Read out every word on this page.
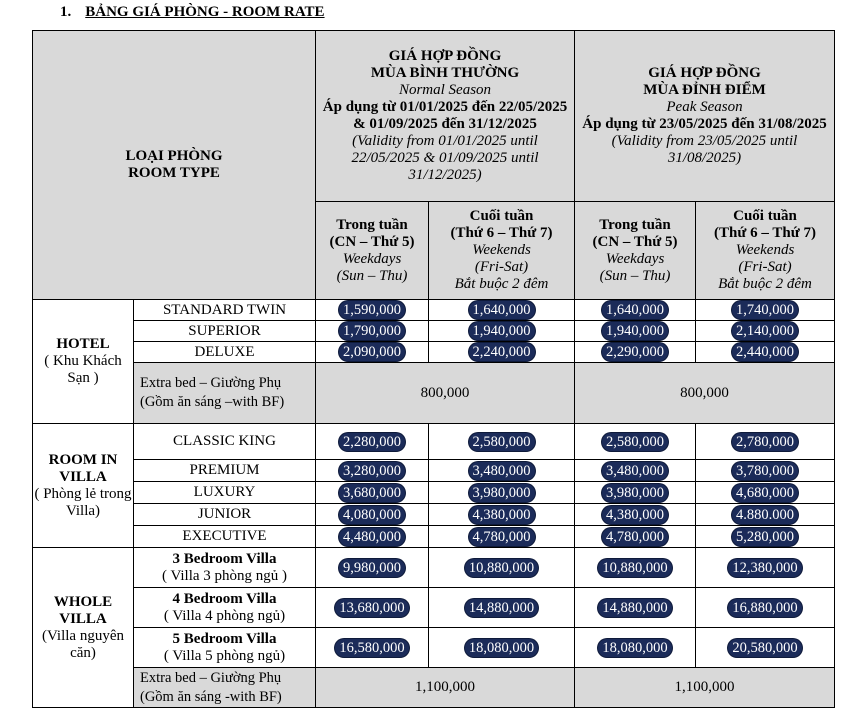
1. BẢNG GIÁ PHÒNG - ROOM RATE
LOẠI PHÒNG
ROOM TYPE		GIÁ HỢP ĐỒNG
MÙA BÌNH THƯỜNG
Normal Season
Áp dụng từ 01/01/2025 đến 22/05/2025 & 01/09/2025 đến 31/12/2025
(Validity from 01/01/2025 until 22/05/2025 & 01/09/2025 until 31/12/2025)		GIÁ HỢP ĐỒNG
MÙA ĐỈNH ĐIỂM
Peak Season
Áp dụng từ 23/05/2025 đến 31/08/2025
(Validity from 23/05/2025 until 31/08/2025)	

		Trong tuần
(CN – Thứ 5)
Weekdays
(Sun – Thu)	Cuối tuần
(Thứ 6 – Thứ 7)
Weekends
(Fri-Sat)
Bắt buộc 2 đêm	Trong tuần
(CN – Thứ 5)
Weekdays
(Sun – Thu)	Cuối tuần
(Thứ 6 – Thứ 7)
Weekends
(Fri-Sat)
Bắt buộc 2 đêm

HOTEL
( Khu Khách Sạn )	STANDARD TWIN	1,590,000	1,640,000	1,640,000	1,740,000
	SUPERIOR	1,790,000	1,940,000	1,940,000	2,140,000
	DELUXE	2,090,000	2,240,000	2,290,000	2,440,000
	Extra bed – Giường Phụ (Gồm ăn sáng –with BF)	800,000		800,000	

ROOM IN
VILLA
( Phòng lẻ trong Villa)	CLASSIC KING	2,280,000	2,580,000	2,580,000	2,780,000
	PREMIUM	3,280,000	3,480,000	3,480,000	3,780,000
	LUXURY	3,680,000	3,980,000	3,980,000	4,680,000
	JUNIOR	4,080,000	4,380,000	4,380,000	4.880.000
	EXECUTIVE	4,480,000	4,780,000	4,780,000	5,280,000

WHOLE
VILLA
(Villa nguyên căn)	3 Bedroom Villa
( Villa 3 phòng ngủ )	9,980,000	10,880,000	10,880,000	12,380,000

	4 Bedroom Villa
( Villa 4 phòng ngủ)	13,680,000	14,880,000	14,880,000	16,880,000

	5 Bedroom Villa
( Villa 5 phòng ngủ)	16,580,000	18,080,000	18,080,000	20,580,000
	Extra bed – Giường Phụ (Gồm ăn sáng -with BF)	1,100,000		1,100,000	
